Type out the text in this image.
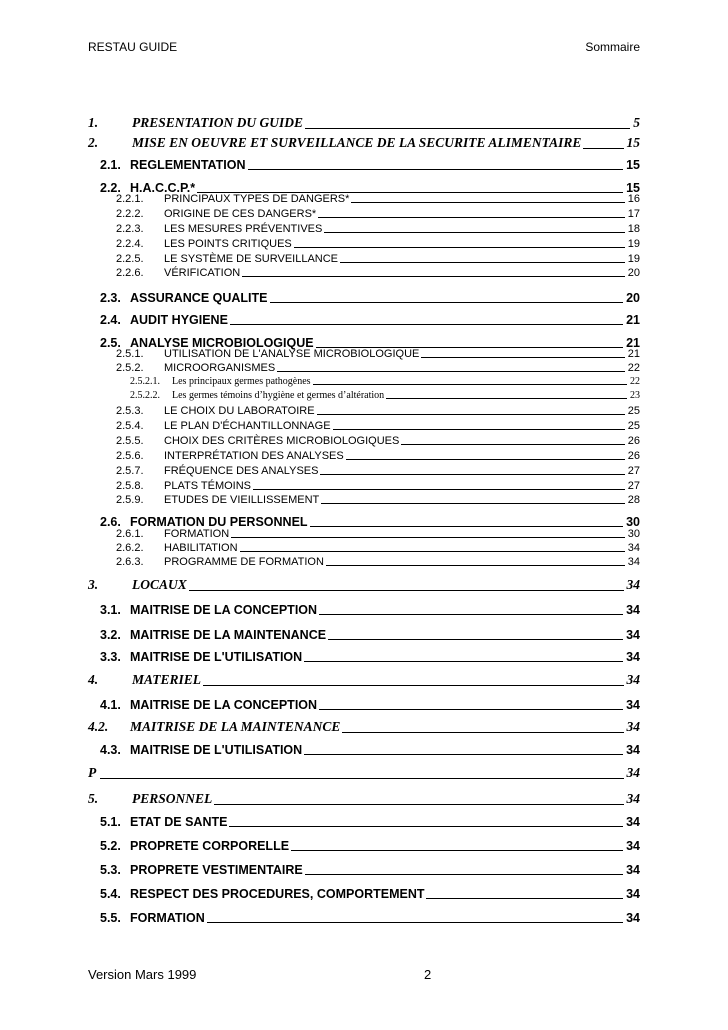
RESTAU GUIDE	Sommaire
1.	PRESENTATION DU GUIDE	5
2.	MISE EN OEUVRE ET SURVEILLANCE DE LA SECURITE ALIMENTAIRE	15
2.1. REGLEMENTATION	15
2.2. H.A.C.C.P.*	15
2.2.1. PRINCIPAUX TYPES DE DANGERS*	16
2.2.2. ORIGINE DE CES DANGERS*	17
2.2.3. LES MESURES PRÉVENTIVES	18
2.2.4. LES POINTS CRITIQUES	19
2.2.5. LE SYSTÈME DE SURVEILLANCE	19
2.2.6. VÉRIFICATION	20
2.3. ASSURANCE QUALITE	20
2.4. AUDIT HYGIENE	21
2.5. ANALYSE MICROBIOLOGIQUE	21
2.5.1. UTILISATION DE L'ANALYSE MICROBIOLOGIQUE	21
2.5.2. MICROORGANISMES	22
2.5.2.1. Les principaux germes pathogènes	22
2.5.2.2. Les germes témoins d’hygiène et germes d’altération	23
2.5.3. LE CHOIX DU LABORATOIRE	25
2.5.4. LE PLAN D'ÉCHANTILLONNAGE	25
2.5.5. CHOIX DES CRITÈRES MICROBIOLOGIQUES	26
2.5.6. INTERPRÉTATION DES ANALYSES	26
2.5.7. FRÉQUENCE DES ANALYSES	27
2.5.8. PLATS TÉMOINS	27
2.5.9. ETUDES DE VIEILLISSEMENT	28
2.6. FORMATION DU PERSONNEL	30
2.6.1. FORMATION	30
2.6.2. HABILITATION	34
2.6.3. PROGRAMME DE FORMATION	34
3.	LOCAUX	34
3.1. MAITRISE DE LA CONCEPTION	34
3.2. MAITRISE DE LA MAINTENANCE	34
3.3. MAITRISE DE L'UTILISATION	34
4.	MATERIEL	34
4.1. MAITRISE DE LA CONCEPTION	34
4.2. MAITRISE DE LA MAINTENANCE	34
4.3. MAITRISE DE L'UTILISATION	34
P	34
5.	PERSONNEL	34
5.1. ETAT DE SANTE	34
5.2. PROPRETE CORPORELLE	34
5.3. PROPRETE VESTIMENTAIRE	34
5.4. RESPECT DES PROCEDURES, COMPORTEMENT	34
5.5. FORMATION	34
Version Mars 1999	2
